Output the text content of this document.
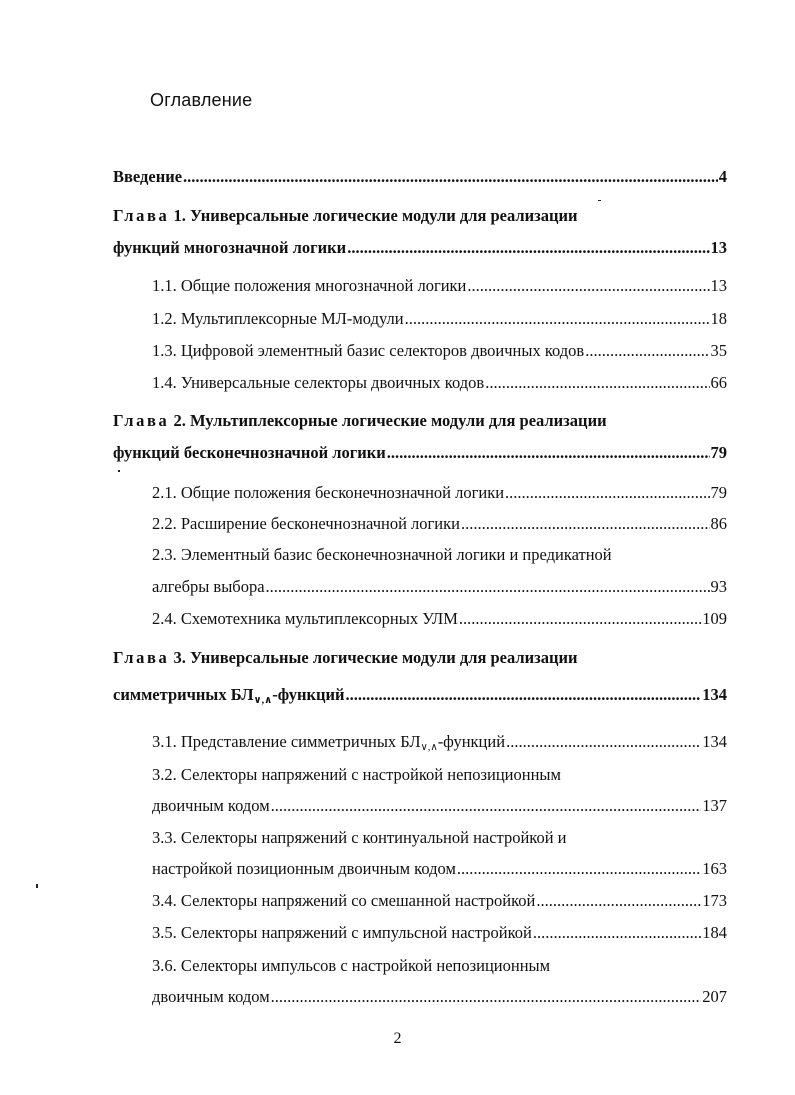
Оглавление
Введение .....	4
Глава 1. Универсальные логические модули для реализации
функций многозначной логики .....	13
1.1. Общие положения многозначной логики .....	13
1.2. Мультиплексорные МЛ-модули .....	18
1.3. Цифровой элементный базис селекторов двоичных кодов .....	35
1.4. Универсальные селекторы двоичных кодов .....	66
Глава 2. Мультиплексорные логические модули для реализации
функций бесконечнозначной логики .....	79
2.1. Общие положения бесконечнозначной логики .....	79
2.2. Расширение бесконечнозначной логики .....	86
2.3. Элементный базис бесконечнозначной логики и предикатной
алгебры выбора .....	93
2.4. Схемотехника мультиплексорных УЛМ .....	109
Глава 3. Универсальные логические модули для реализации
симметричных $БЛ_{\vee,\wedge}$-функций .....	134
3.1. Представление симметричных $БЛ_{\vee,\wedge}$-функций .....	134
3.2. Селекторы напряжений с настройкой непозиционным
двоичным кодом .....	137
3.3. Селекторы напряжений с континуальной настройкой и
настройкой позиционным двоичным кодом .....	163
3.4. Селекторы напряжений со смешанной настройкой .....	173
3.5. Селекторы напряжений с импульсной настройкой .....	184
3.6. Селекторы импульсов с настройкой непозиционным
двоичным кодом .....	207
2
